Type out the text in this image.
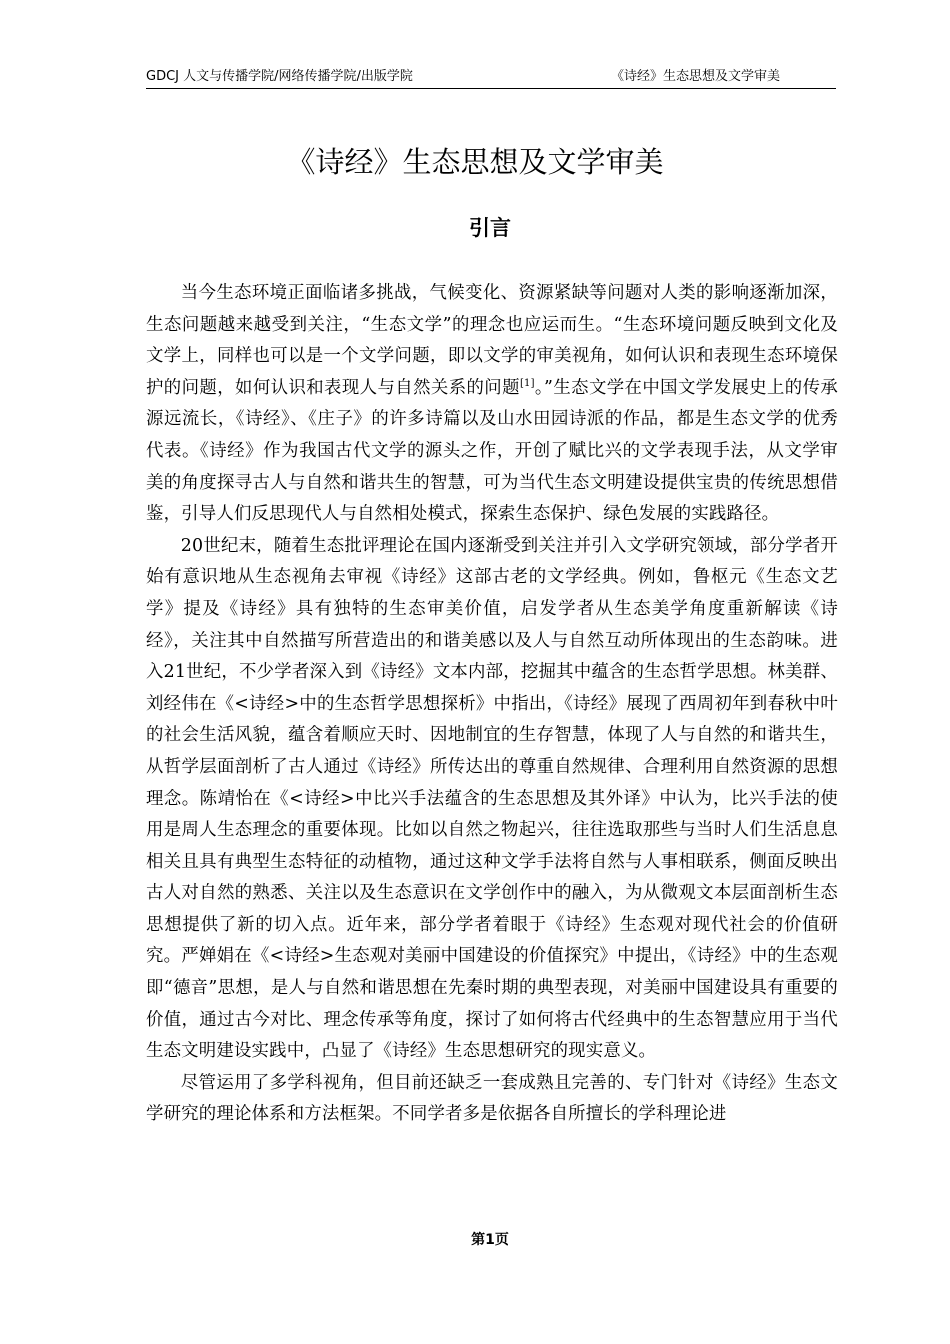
GDCJ 人文与传播学院/网络传播学院/出版学院	《诗经》生态思想及文学审美
《诗经》生态思想及文学审美
引言

当今生态环境正面临诸多挑战，气候变化、资源紧缺等问题对人类的影响逐渐加深，生态问题越来越受到关注，“生态文学”的理念也应运而生。“生态环境问题反映到文化及文学上，同样也可以是一个文学问题，即以文学的审美视角，如何认识和表现生态环境保护的问题，如何认识和表现人与自然关系的问题[1]。”生态文学在中国文学发展史上的传承源远流长，《诗经》、《庄子》的许多诗篇以及山水田园诗派的作品，都是生态文学的优秀代表。《诗经》作为我国古代文学的源头之作，开创了赋比兴的文学表现手法，从文学审美的角度探寻古人与自然和谐共生的智慧，可为当代生态文明建设提供宝贵的传统思想借鉴，引导人们反思现代人与自然相处模式，探索生态保护、绿色发展的实践路径。

20世纪末，随着生态批评理论在国内逐渐受到关注并引入文学研究领域，部分学者开始有意识地从生态视角去审视《诗经》这部古老的文学经典。例如，鲁枢元《生态文艺学》提及《诗经》具有独特的生态审美价值，启发学者从生态美学角度重新解读《诗经》，关注其中自然描写所营造出的和谐美感以及人与自然互动所体现出的生态韵味。进入21世纪，不少学者深入到《诗经》文本内部，挖掘其中蕴含的生态哲学思想。林美群、刘经伟在《<诗经>中的生态哲学思想探析》中指出，《诗经》展现了西周初年到春秋中叶的社会生活风貌，蕴含着顺应天时、因地制宜的生存智慧，体现了人与自然的和谐共生，从哲学层面剖析了古人通过《诗经》所传达出的尊重自然规律、合理利用自然资源的思想理念。陈靖怡在《<诗经>中比兴手法蕴含的生态思想及其外译》中认为，比兴手法的使用是周人生态理念的重要体现。比如以自然之物起兴，往往选取那些与当时人们生活息息相关且具有典型生态特征的动植物，通过这种文学手法将自然与人事相联系，侧面反映出古人对自然的熟悉、关注以及生态意识在文学创作中的融入，为从微观文本层面剖析生态思想提供了新的切入点。近年来，部分学者着眼于《诗经》生态观对现代社会的价值研究。严婵娟在《<诗经>生态观对美丽中国建设的价值探究》中提出，《诗经》中的生态观即“德音”思想，是人与自然和谐思想在先秦时期的典型表现，对美丽中国建设具有重要的价值，通过古今对比、理念传承等角度，探讨了如何将古代经典中的生态智慧应用于当代生态文明建设实践中，凸显了《诗经》生态思想研究的现实意义。

尽管运用了多学科视角，但目前还缺乏一套成熟且完善的、专门针对《诗经》生态文学研究的理论体系和方法框架。不同学者多是依据各自所擅长的学科理论进

第1页
